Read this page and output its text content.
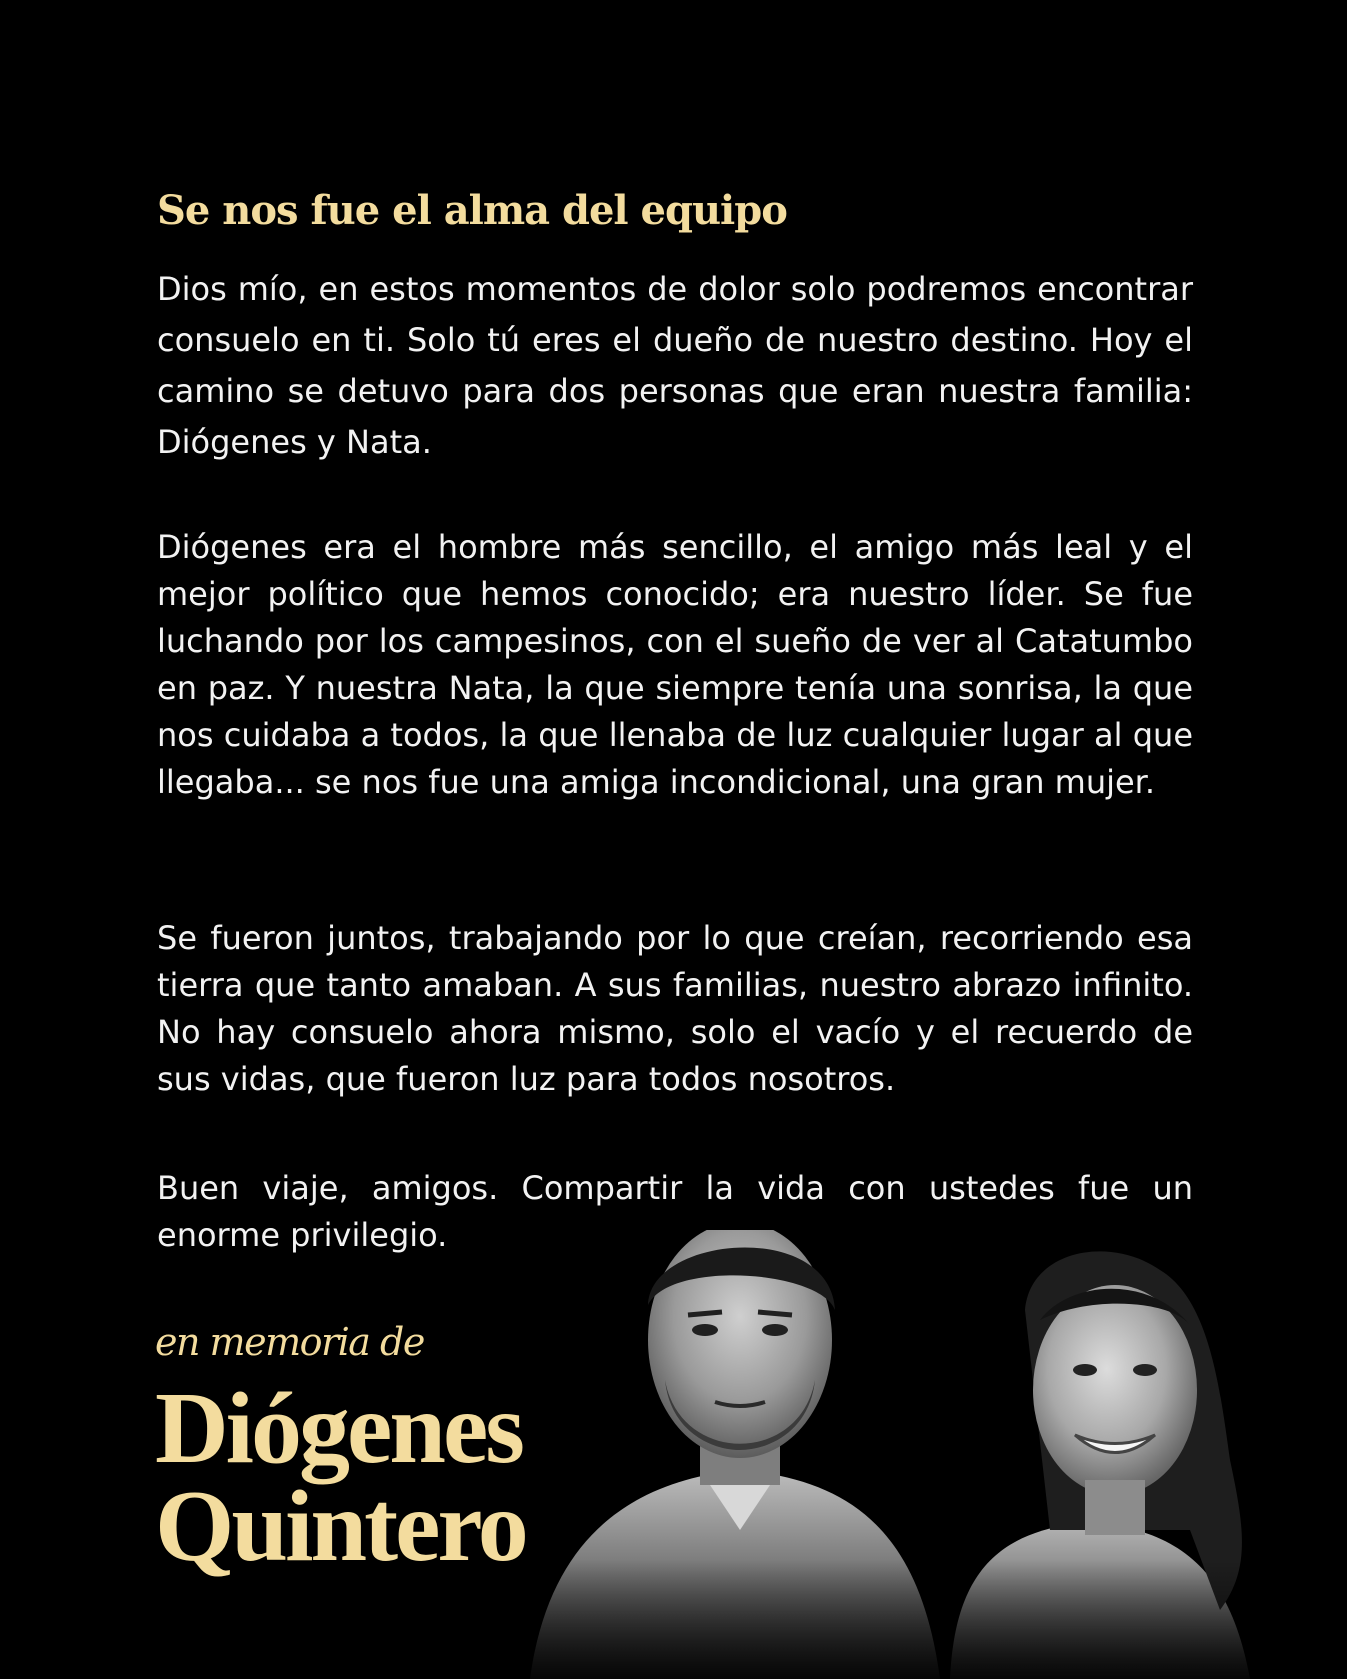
Se nos fue el alma del equipo

Dios mío, en estos momentos de dolor solo podremos encontrar consuelo en ti. Solo tú eres el dueño de nuestro destino. Hoy el camino se detuvo para dos personas que eran nuestra familia: Diógenes y Nata.

Diógenes era el hombre más sencillo, el amigo más leal y el mejor político que hemos conocido; era nuestro líder. Se fue luchando por los campesinos, con el sueño de ver al Catatumbo en paz. Y nuestra Nata, la que siempre tenía una sonrisa, la que nos cuidaba a todos, la que llenaba de luz cualquier lugar al que llegaba... se nos fue una amiga incondicional, una gran mujer.

Se fueron juntos, trabajando por lo que creían, recorriendo esa tierra que tanto amaban. A sus familias, nuestro abrazo infinito. No hay consuelo ahora mismo, solo el vacío y el recuerdo de sus vidas, que fueron luz para todos nosotros.

Buen viaje, amigos. Compartir la vida con ustedes fue un enorme privilegio.

en memoria de
Diógenes
Quintero
